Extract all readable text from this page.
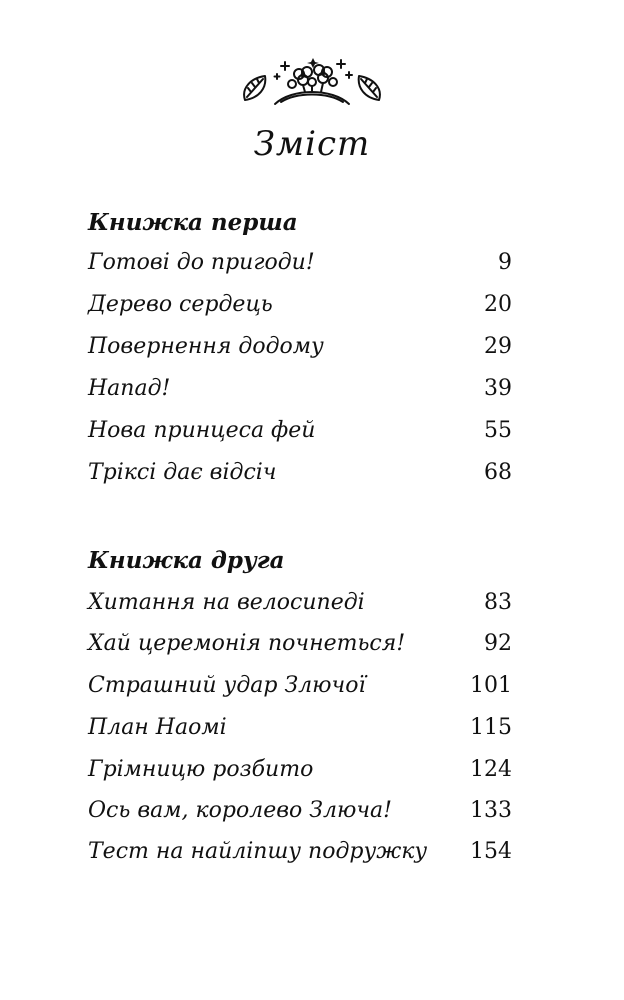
Зміст
Книжка перша
Готові до пригоди!	9
Дерево сердець	20
Повернення додому	29
Напад!	39
Нова принцеса фей	55
Тріксі дає відсіч	68
Книжка друга
Хитання на велосипеді	83
Хай церемонія почнеться!	92
Страшний удар Злючої	101
План Наомі	115
Грімницю розбито	124
Ось вам, королево Злюча!	133
Тест на найліпшу подружку 154
